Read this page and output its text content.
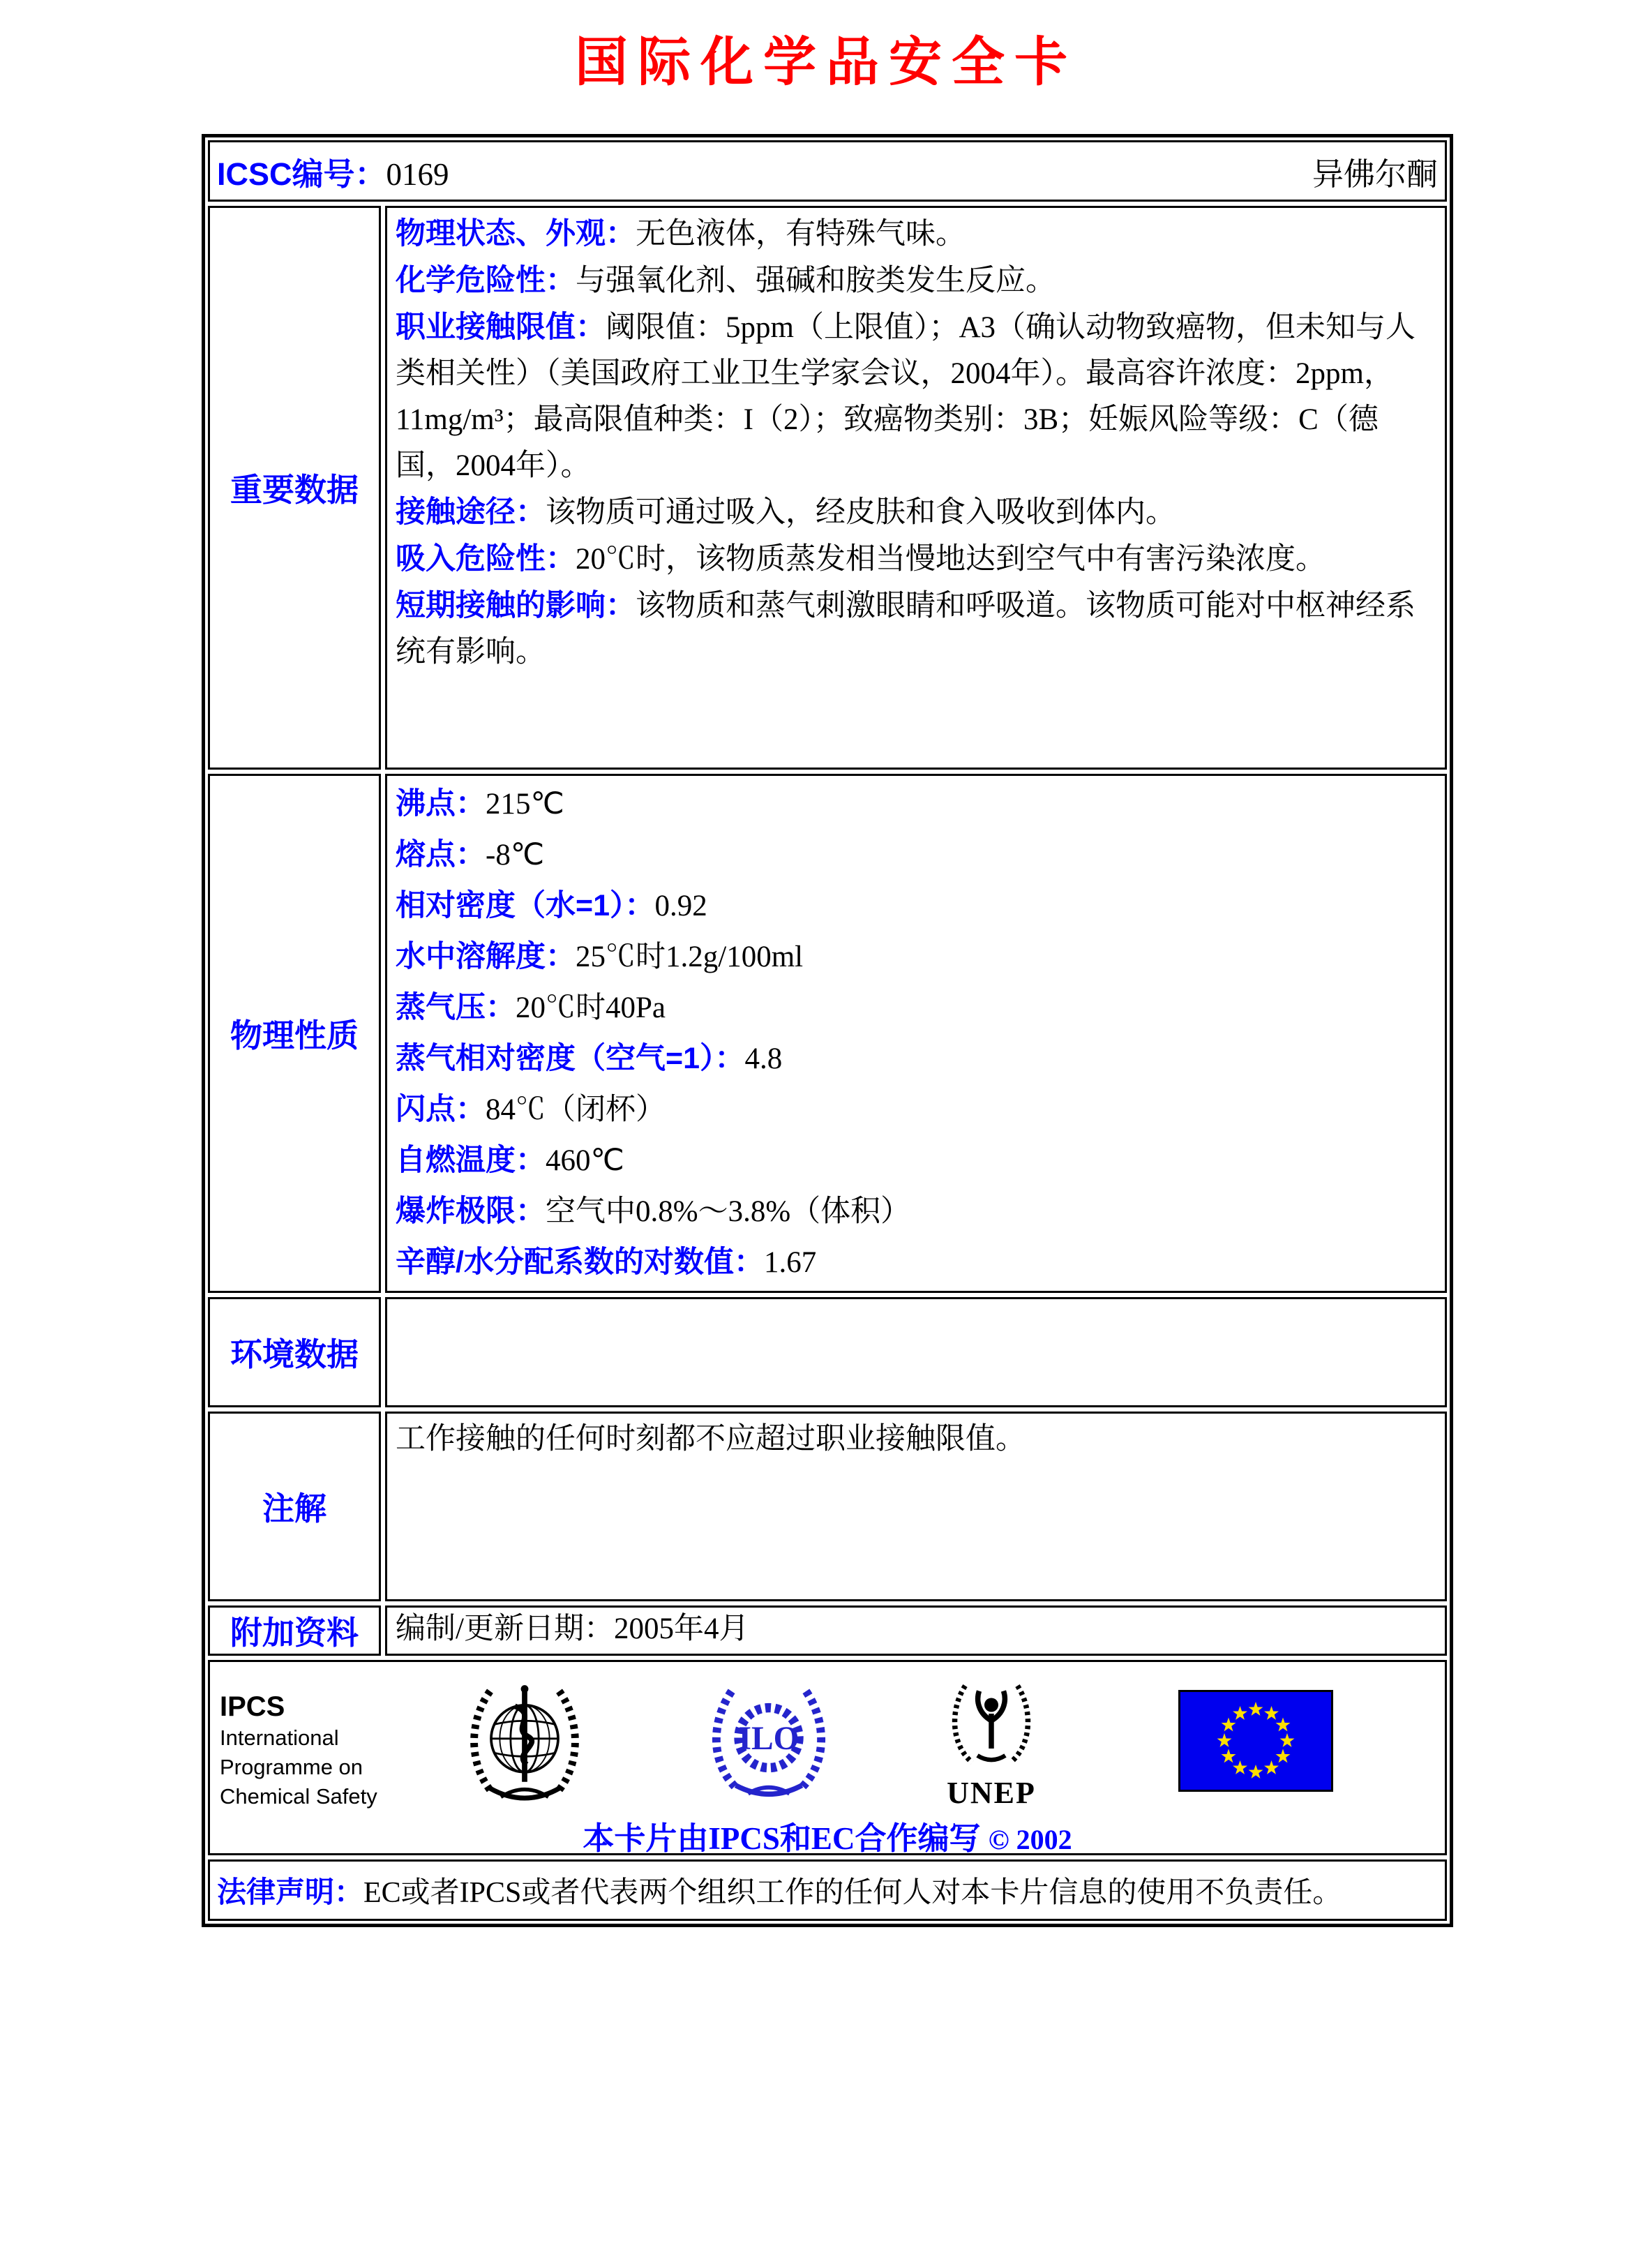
国际化学品安全卡
ICSC编号：0169	异佛尔酮
重要数据

物理状态、外观：无色液体，有特殊气味。

化学危险性：与强氧化剂、强碱和胺类发生反应。

职业接触限值：阈限值：5ppm（上限值）；A3（确认动物致癌物，但未知与人类相关性）（美国政府工业卫生学家会议，2004年）。最高容许浓度：2ppm，11mg/m³；最高限值种类：I（2）；致癌物类别：3B；妊娠风险等级：C（德国，2004年）。

接触途径：该物质可通过吸入，经皮肤和食入吸收到体内。

吸入危险性：20℃时，该物质蒸发相当慢地达到空气中有害污染浓度。

短期接触的影响：该物质和蒸气刺激眼睛和呼吸道。该物质可能对中枢神经系统有影响。

物理性质

沸点：215℃

熔点：-8℃

相对密度（水=1）：0.92

水中溶解度：25℃时1.2g/100ml

蒸气压：20℃时40Pa

蒸气相对密度（空气=1）：4.8

闪点：84℃（闭杯）

自燃温度：460℃

爆炸极限：空气中0.8%～3.8%（体积）

辛醇/水分配系数的对数值：1.67

环境数据
注解

工作接触的任何时刻都不应超过职业接触限值。

附加资料 编制/更新日期：2005年4月

IPCS
International
Programme on
Chemical Safety
ILO
UNEP
本卡片由IPCS和EC合作编写 © 2002
法律声明：EC或者IPCS或者代表两个组织工作的任何人对本卡片信息的使用不负责任。
